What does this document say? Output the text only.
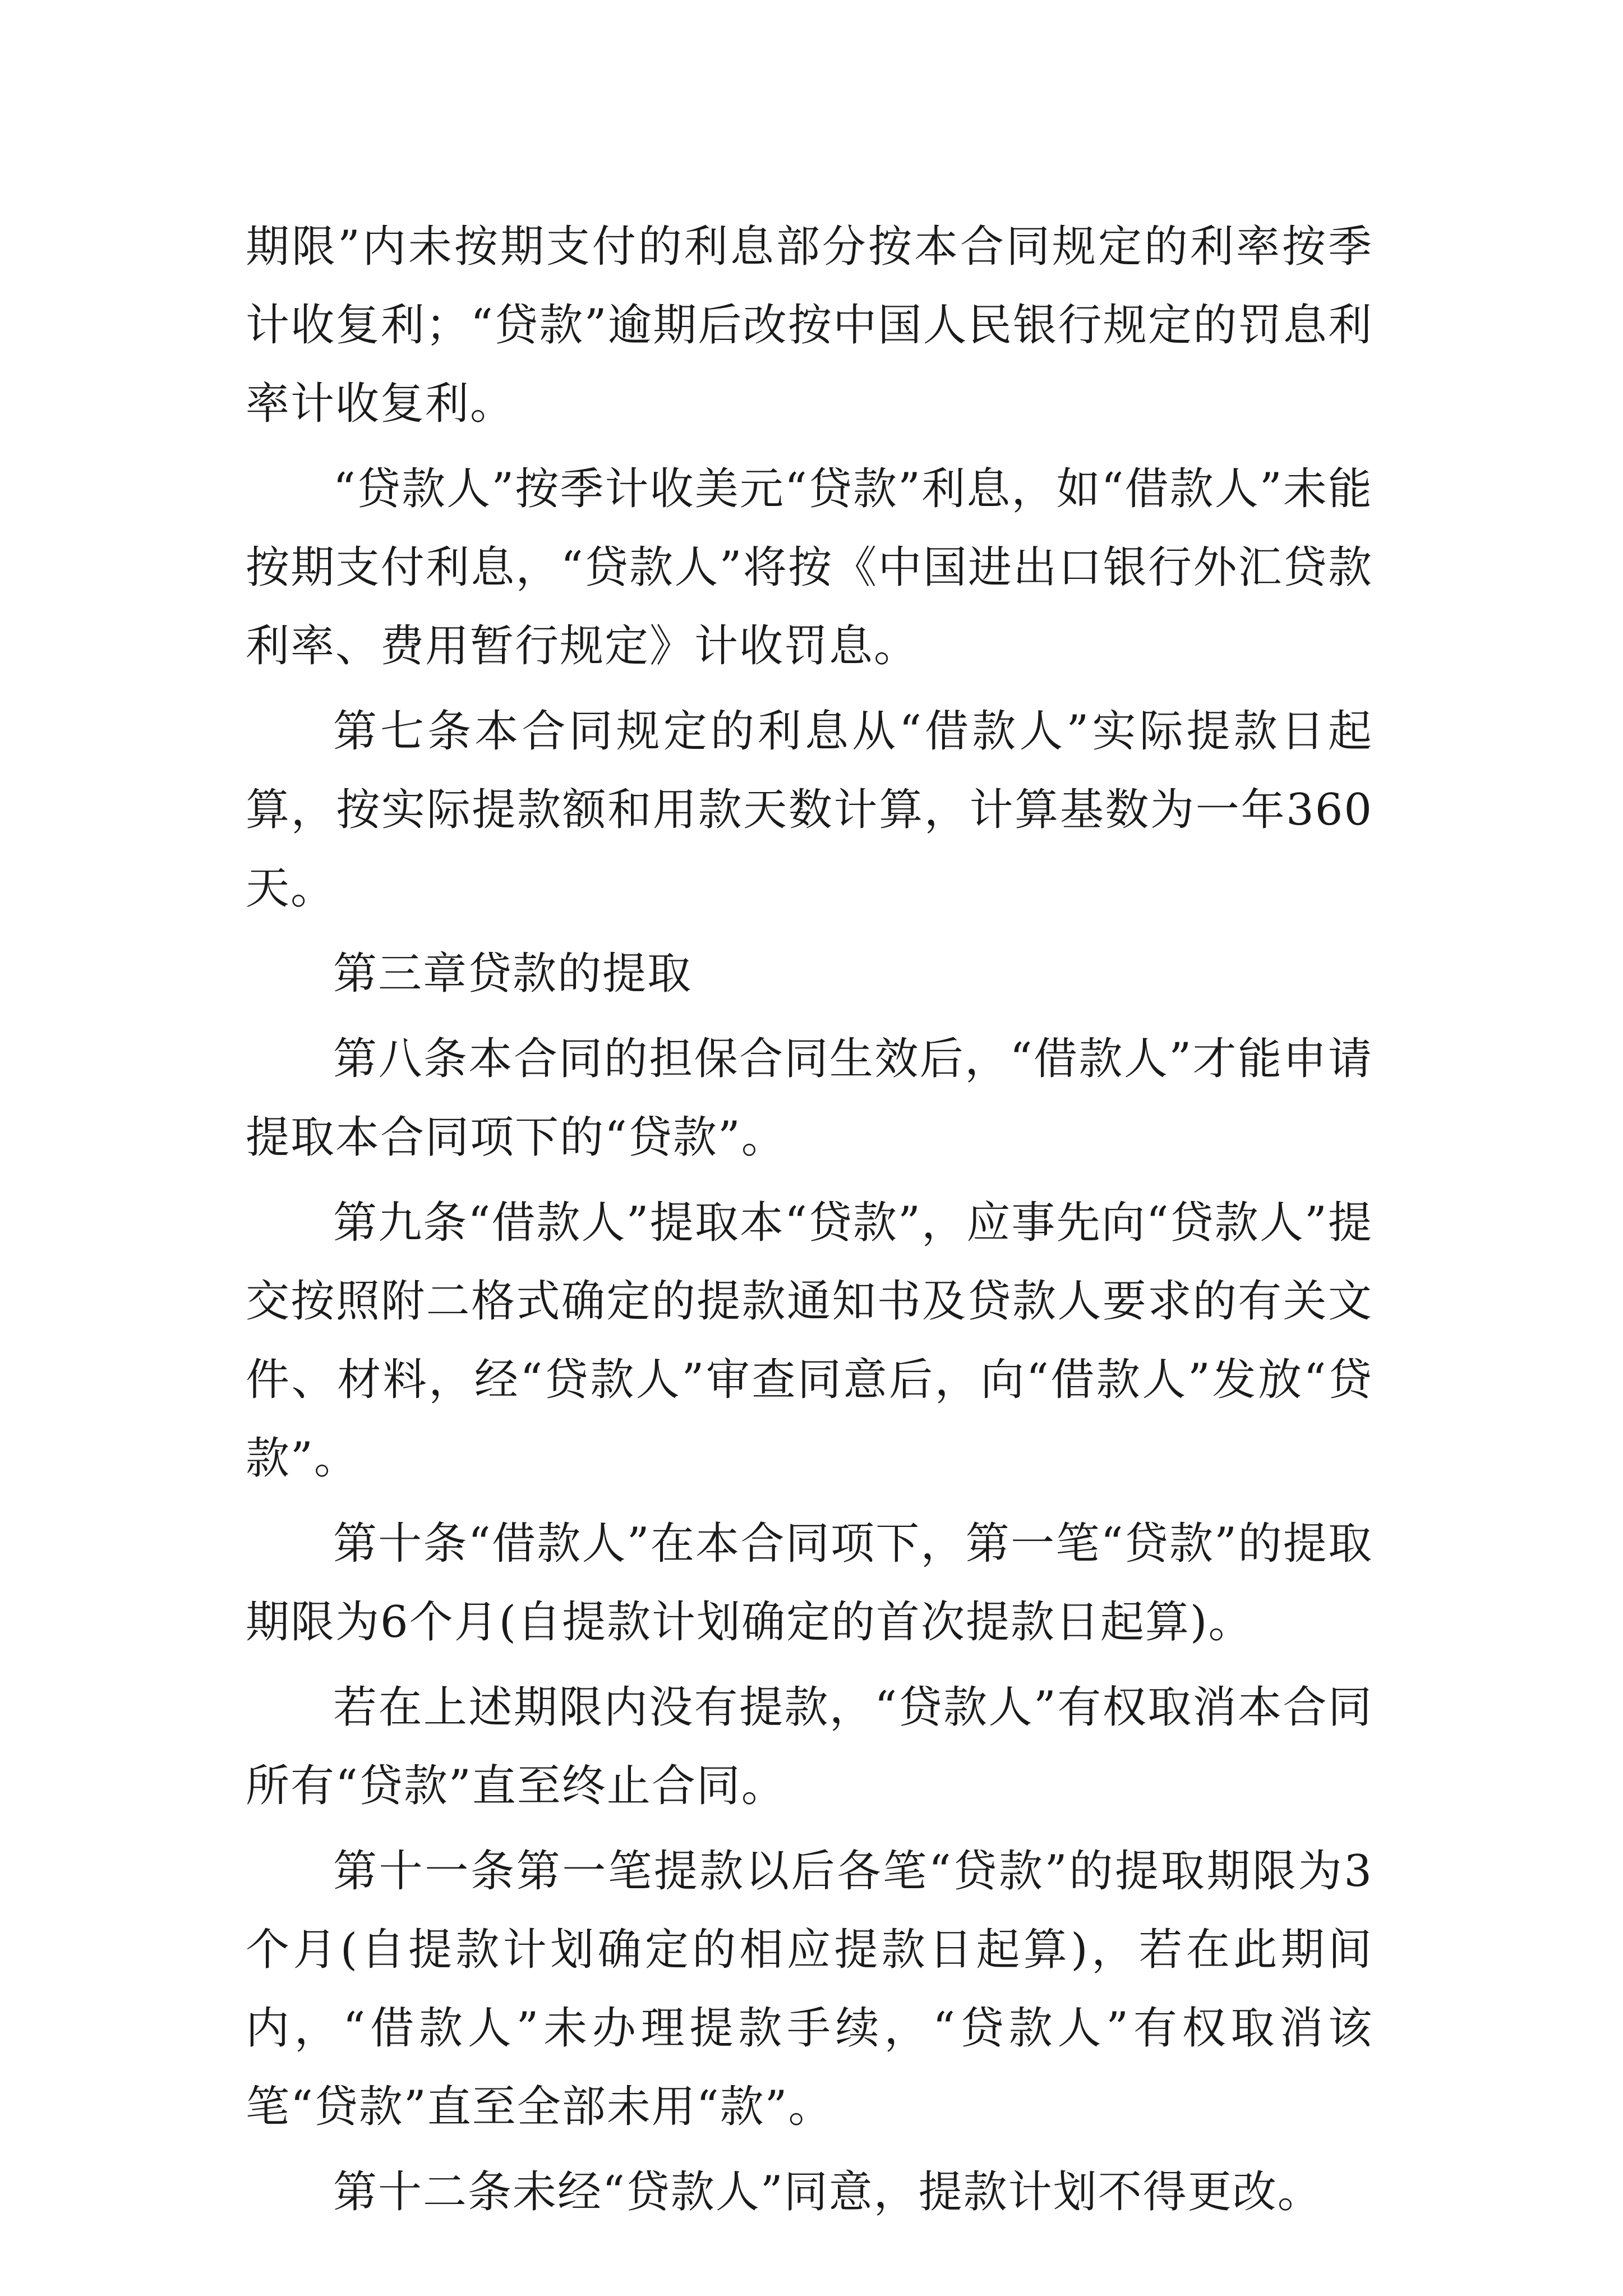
期限”内未按期支付的利息部分按本合同规定的利率按季计收复利；“贷款”逾期后改按中国人民银行规定的罚息利率计收复利。

“贷款人”按季计收美元“贷款”利息，如“借款人”未能按期支付利息，“贷款人”将按《中国进出口银行外汇贷款利率、费用暂行规定》计收罚息。

第七条本合同规定的利息从“借款人”实际提款日起算，按实际提款额和用款天数计算，计算基数为一年360天。

第三章贷款的提取

第八条本合同的担保合同生效后，“借款人”才能申请提取本合同项下的“贷款”。

第九条“借款人”提取本“贷款”，应事先向“贷款人”提交按照附二格式确定的提款通知书及贷款人要求的有关文件、材料，经“贷款人”审查同意后，向“借款人”发放“贷款”。

第十条“借款人”在本合同项下，第一笔“贷款”的提取期限为6个月(自提款计划确定的首次提款日起算)。

若在上述期限内没有提款，“贷款人”有权取消本合同所有“贷款”直至终止合同。

第十一条第一笔提款以后各笔“贷款”的提取期限为3个月(自提款计划确定的相应提款日起算)，若在此期间内，“借款人”未办理提款手续，“贷款人”有权取消该笔“贷款”直至全部未用“款”。

第十二条未经“贷款人”同意，提款计划不得更改。
